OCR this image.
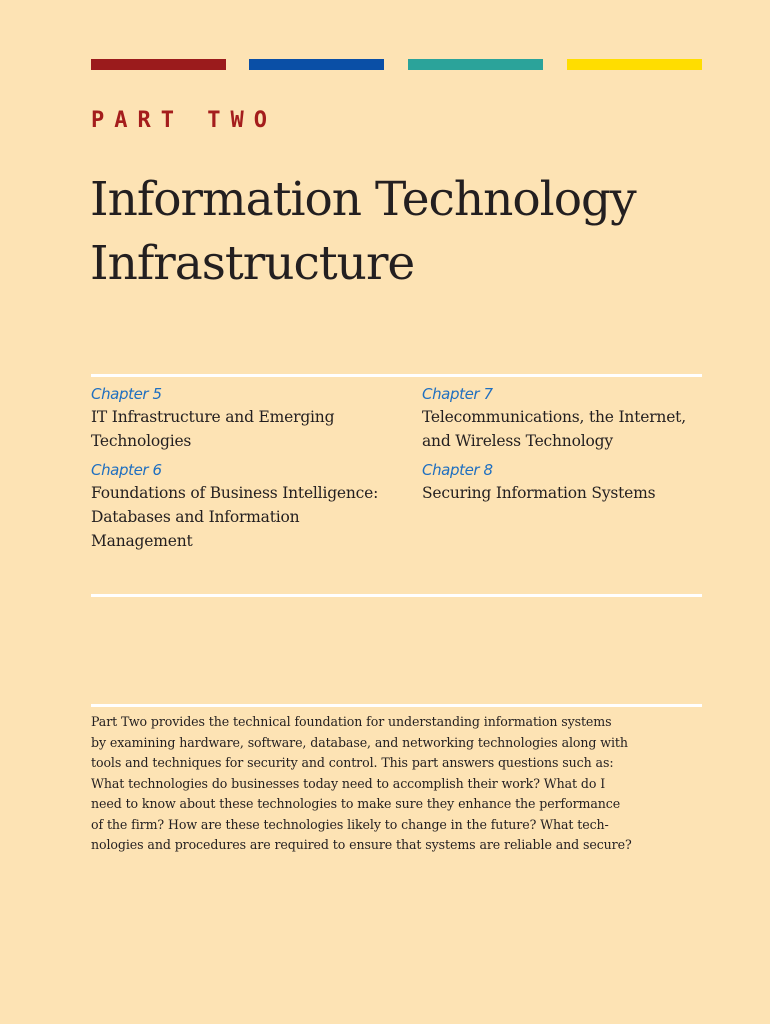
PART TWO
Information Technology
Infrastructure
Chapter 5
IT Infrastructure and Emerging
Technologies
Chapter 6
Foundations of Business Intelligence:
Databases and Information
Management
Chapter 7
Telecommunications, the Internet,
and Wireless Technology
Chapter 8
Securing Information Systems
Part Two provides the technical foundation for understanding information systems
by examining hardware, software, database, and networking technologies along with
tools and techniques for security and control. This part answers questions such as:
What technologies do businesses today need to accomplish their work? What do I
need to know about these technologies to make sure they enhance the performance
of the firm? How are these technologies likely to change in the future? What tech-
nologies and procedures are required to ensure that systems are reliable and secure?
